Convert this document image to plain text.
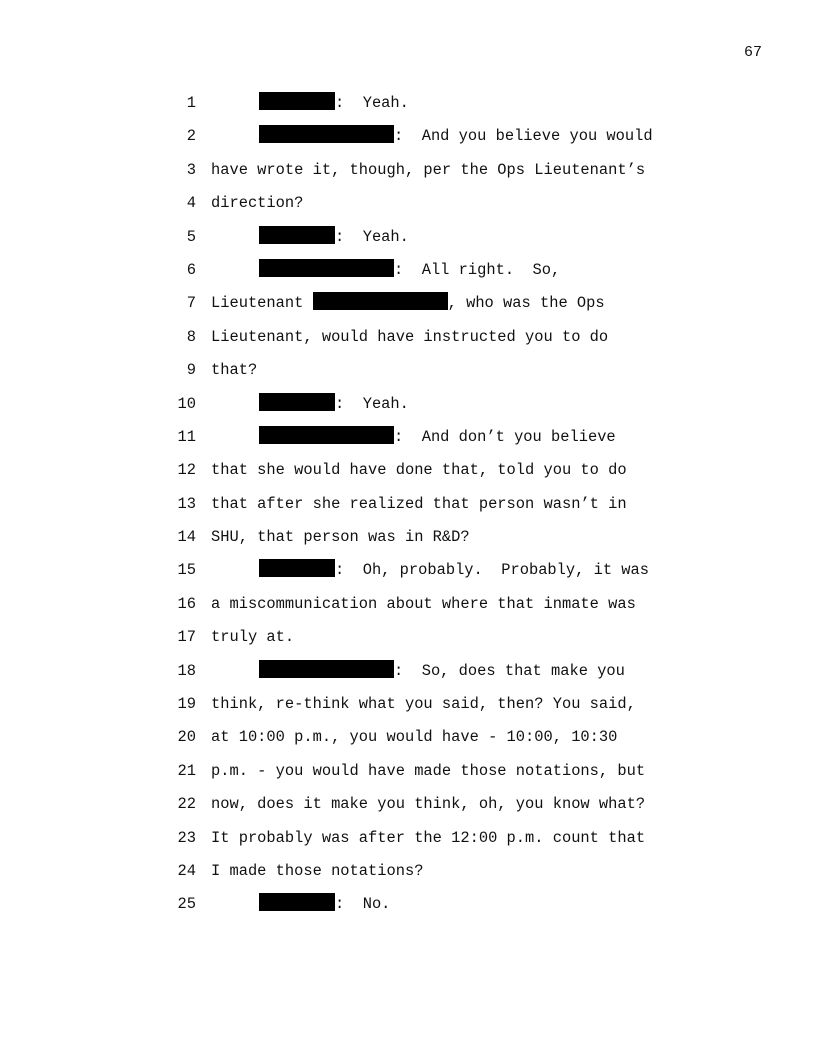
67
1	:  Yeah.
2	:  And you believe you would
3 have wrote it, though, per the Ops Lieutenant’s
4 direction?
5	:  Yeah.
6	:  All right.  So,
7 Lieutenant	, who was the Ops
8 Lieutenant, would have instructed you to do
9 that?
10	:  Yeah.
11	:  And don’t you believe
12 that she would have done that, told you to do
13 that after she realized that person wasn’t in
14 SHU, that person was in R&D?
15	:  Oh, probably.  Probably, it was
16 a miscommunication about where that inmate was
17 truly at.
18	:  So, does that make you
19 think, re-think what you said, then? You said,
20 at 10:00 p.m., you would have - 10:00, 10:30
21 p.m. - you would have made those notations, but
22 now, does it make you think, oh, you know what?
23 It probably was after the 12:00 p.m. count that
24 I made those notations?
25	:  No.
